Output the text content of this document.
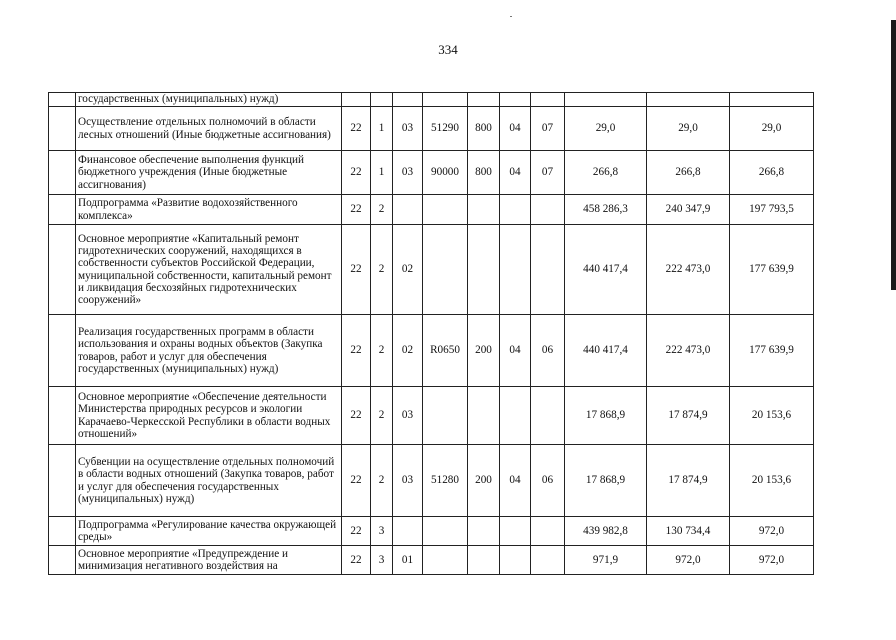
334
	государственных (муниципальных) нужд)										
	Осуществление отдельных полномочий в области лесных отношений (Иные бюджетные ассигнования)	22	1	03	51290	800	04	07	29,0	29,0	29,0
	Финансовое обеспечение выполнения функций бюджетного учреждения (Иные бюджетные ассигнования)	22	1	03	90000	800	04	07	266,8	266,8	266,8
	Подпрограмма «Развитие водохозяйственного комплекса»	22	2						458 286,3	240 347,9	197 793,5
	Основное мероприятие «Капитальный ремонт гидротехнических сооружений, находящихся в собственности субъектов Российской Федерации, муниципальной собственности, капитальный ремонт и ликвидация бесхозяйных гидротехнических сооружений»	22	2	02					440 417,4	222 473,0	177 639,9
	Реализация государственных программ в области использования и охраны водных объектов (Закупка товаров, работ и услуг для обеспечения государственных (муниципальных) нужд)	22	2	02	R0650	200	04	06	440 417,4	222 473,0	177 639,9
	Основное мероприятие «Обеспечение деятельности Министерства природных ресурсов и экологии Карачаево-Черкесской Республики в области водных отношений»	22	2	03					17 868,9	17 874,9	20 153,6
	Субвенции на осуществление отдельных полномочий в области водных отношений (Закупка товаров, работ и услуг для обеспечения государственных (муниципальных) нужд)	22	2	03	51280	200	04	06	17 868,9	17 874,9	20 153,6
	Подпрограмма «Регулирование качества окружающей среды»	22	3						439 982,8	130 734,4	972,0
	Основное мероприятие «Предупреждение и минимизация негативного воздействия на	22	3	01					971,9	972,0	972,0
